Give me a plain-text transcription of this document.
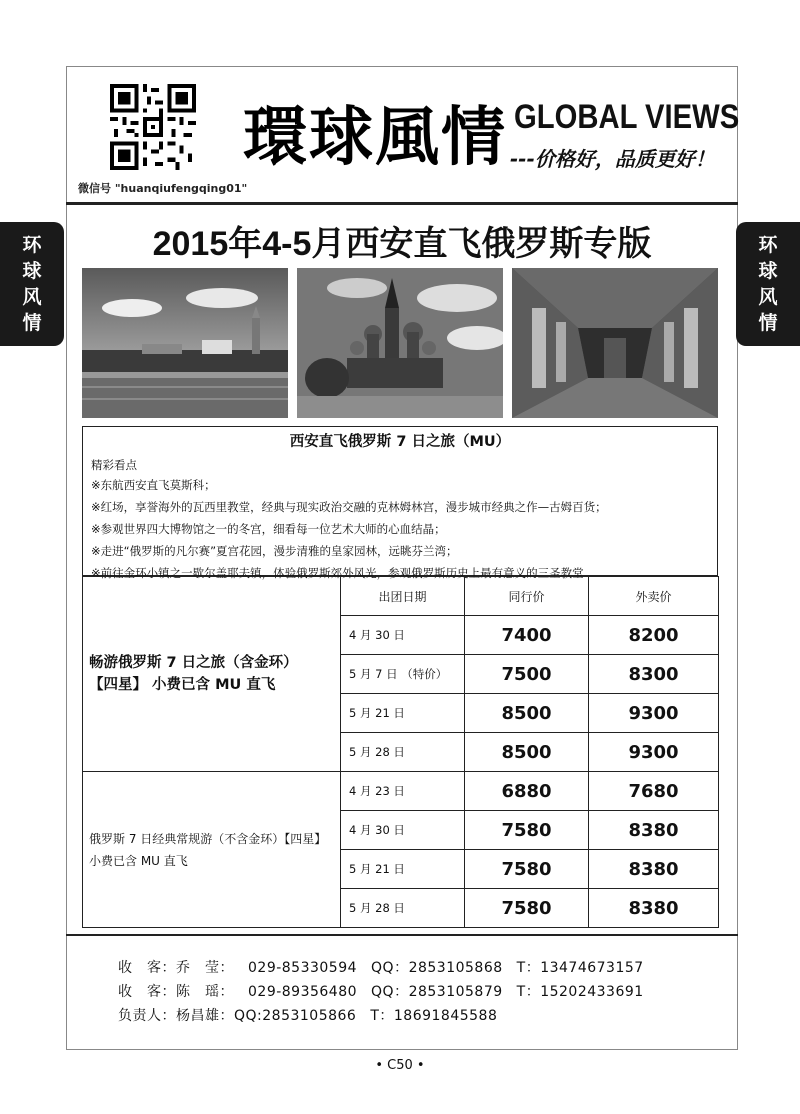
环
球
风
情
环
球
风
情
微信号 "huanqiufengqing01"
環球風情 GLOBAL VIEWS
---价格好，品质更好！
2015年4-5月西安直飞俄罗斯专版
西安直飞俄罗斯 7 日之旅（MU）
精彩看点
※东航西安直飞莫斯科；
※红场，享誉海外的瓦西里教堂，经典与现实政治交融的克林姆林宫，漫步城市经典之作—古姆百货；
※参观世界四大博物馆之一的冬宫，细看每一位艺术大师的心血结晶；
※走进“俄罗斯的凡尔赛”夏宫花园，漫步清雅的皇家园林，远眺芬兰湾；
※前往金环小镇之一歇尔盖耶夫镇，体验俄罗斯郊外风光，参观俄罗斯历史上最有意义的三圣教堂
畅游俄罗斯 7 日之旅（含金环）
【四星】 小费已含 MU 直飞	出团日期	同行价	外卖价
	4 月 30 日	7400	8200
	5 月 7 日 （特价）	7500	8300
	5 月 21 日	8500	9300
	5 月 28 日	8500	9300

俄罗斯 7 日经典常规游（不含金环）【四星】
小费已含 MU 直飞	4 月 23 日	6880	7680
	4 月 30 日	7580	8380
	5 月 21 日	7580	8380
	5 月 28 日	7580	8380
收　客：乔　莹： 029-85330594 QQ：2853105868 T：13474673157
收　客：陈　瑶： 029-89356480 QQ：2853105879 T：15202433691
负责人：杨昌雄：QQ:2853105866 T：18691845588
• C50 •
